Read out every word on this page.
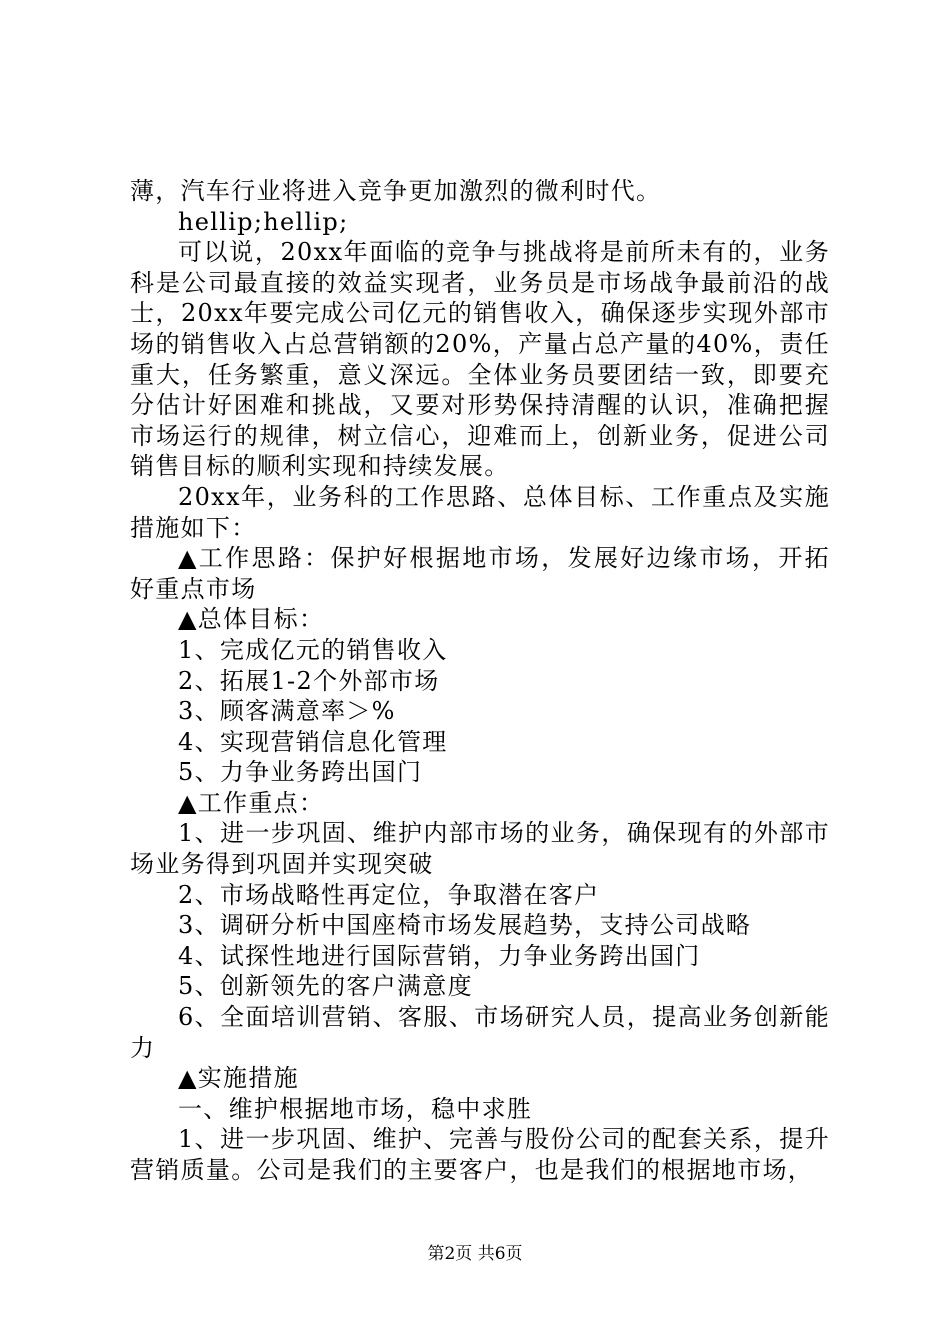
薄，汽车行业将进入竞争更加激烈的微利时代。

hellip;hellip;

可以说，20xx年面临的竞争与挑战将是前所未有的，业务科是公司最直接的效益实现者，业务员是市场战争最前沿的战士，20xx年要完成公司亿元的销售收入，确保逐步实现外部市场的销售收入占总营销额的20%，产量占总产量的40%，责任重大，任务繁重，意义深远。全体业务员要团结一致，即要充分估计好困难和挑战，又要对形势保持清醒的认识，准确把握市场运行的规律，树立信心，迎难而上，创新业务，促进公司销售目标的顺利实现和持续发展。

20xx年，业务科的工作思路、总体目标、工作重点及实施措施如下：

▲工作思路：保护好根据地市场，发展好边缘市场，开拓好重点市场

▲总体目标：

1、完成亿元的销售收入

2、拓展1-2个外部市场

3、顾客满意率＞%

4、实现营销信息化管理

5、力争业务跨出国门

▲工作重点：

1、进一步巩固、维护内部市场的业务，确保现有的外部市场业务得到巩固并实现突破

2、市场战略性再定位，争取潜在客户

3、调研分析中国座椅市场发展趋势，支持公司战略

4、试探性地进行国际营销，力争业务跨出国门

5、创新领先的客户满意度

6、全面培训营销、客服、市场研究人员，提高业务创新能力

▲实施措施

一、维护根据地市场，稳中求胜

1、进一步巩固、维护、完善与股份公司的配套关系，提升营销质量。公司是我们的主要客户，也是我们的根据地市场，

第2页 共6页
